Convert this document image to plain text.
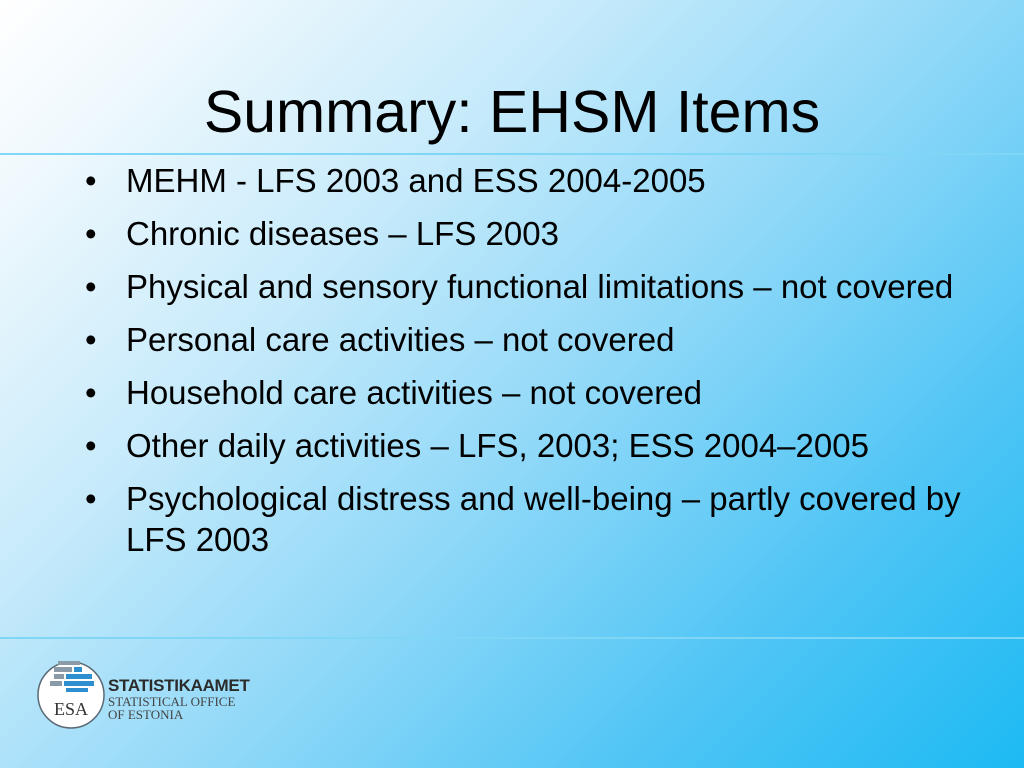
Summary: EHSM Items
• MEHM - LFS 2003 and ESS 2004-2005
• Chronic diseases – LFS 2003
• Physical and sensory functional limitations – not covered
• Personal care activities – not covered
• Household care activities – not covered
• Other daily activities – LFS, 2003; ESS 2004–2005
• Psychological distress and well-being – partly covered by LFS 2003
ESA
STATISTIKAAMET
STATISTICAL OFFICE
OF ESTONIA
